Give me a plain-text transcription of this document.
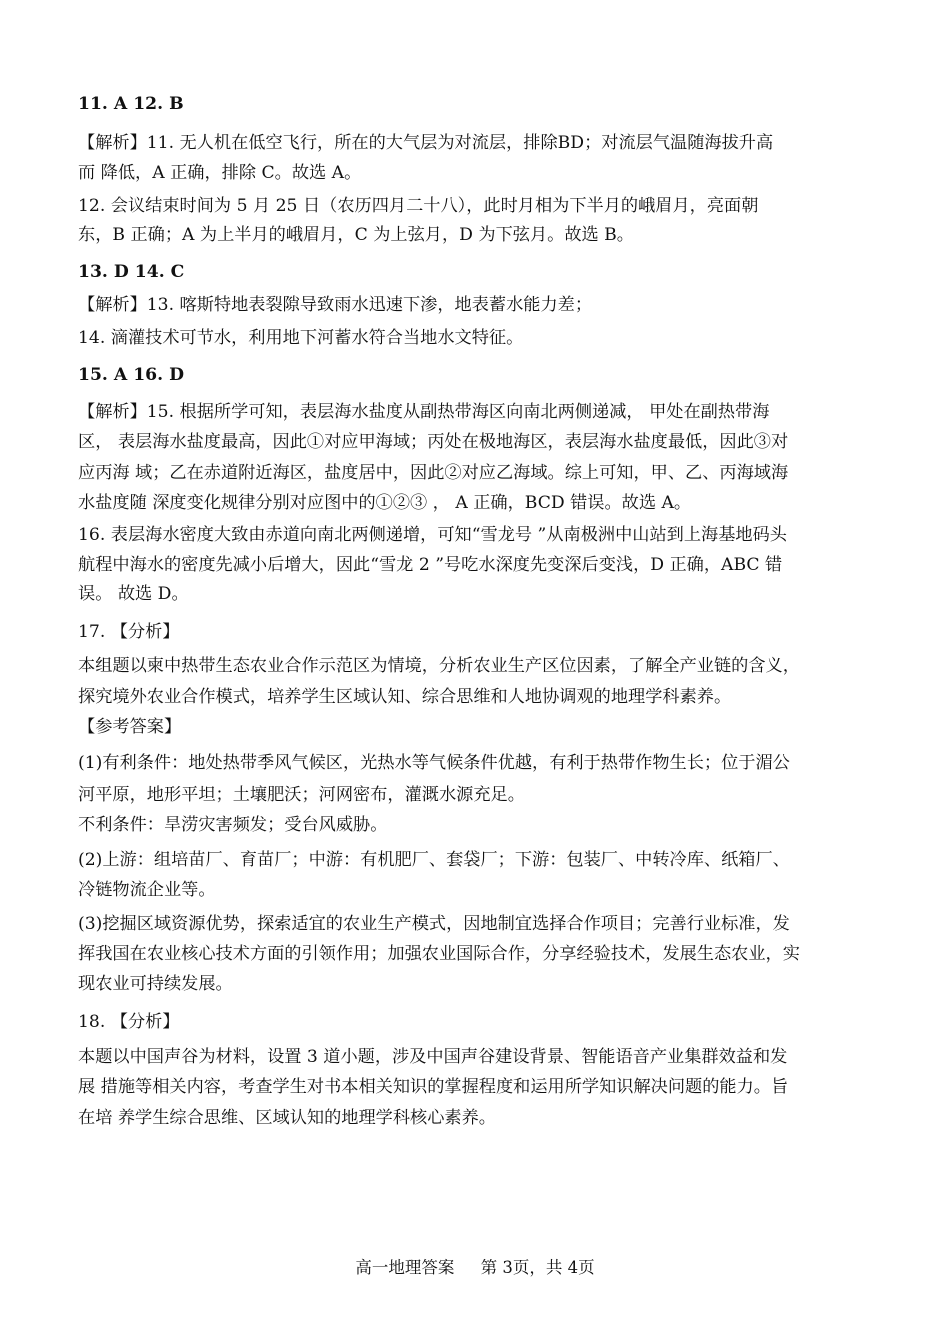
11. A 12. B
【解析】11. 无人机在低空飞行，所在的大气层为对流层，排除BD；对流层气温随海拔升高
而 降低，A 正确，排除 C。故选 A。
12. 会议结束时间为 5 月 25 日（农历四月二十八），此时月相为下半月的峨眉月，亮面朝
东，B 正确；A 为上半月的峨眉月，C 为上弦月，D 为下弦月。故选 B。
13. D 14. C
【解析】13. 喀斯特地表裂隙导致雨水迅速下渗，地表蓄水能力差；
14. 滴灌技术可节水，利用地下河蓄水符合当地水文特征。
15. A 16. D
【解析】15. 根据所学可知，表层海水盐度从副热带海区向南北两侧递减， 甲处在副热带海
区， 表层海水盐度最高，因此①对应甲海域；丙处在极地海区，表层海水盐度最低，因此③对
应丙海 域；乙在赤道附近海区，盐度居中，因此②对应乙海域。综上可知，甲、乙、丙海域海
水盐度随 深度变化规律分别对应图中的①②③ ， A 正确，BCD 错误。故选 A。
16. 表层海水密度大致由赤道向南北两侧递增，可知“雪龙号 ”从南极洲中山站到上海基地码头
航程中海水的密度先减小后增大，因此“雪龙 2 ”号吃水深度先变深后变浅，D 正确，ABC 错
误。 故选 D。
17. 【分析】
本组题以柬中热带生态农业合作示范区为情境，分析农业生产区位因素，了解全产业链的含义，
探究境外农业合作模式，培养学生区域认知、综合思维和人地协调观的地理学科素养。
【参考答案】
(1)有利条件：地处热带季风气候区，光热水等气候条件优越，有利于热带作物生长；位于湄公
河平原，地形平坦；土壤肥沃；河网密布，灌溉水源充足。
不利条件：旱涝灾害频发；受台风威胁。
(2)上游：组培苗厂、育苗厂；中游：有机肥厂、套袋厂；下游：包装厂、中转冷库、纸箱厂、
冷链物流企业等。
(3)挖掘区域资源优势，探索适宜的农业生产模式，因地制宜选择合作项目；完善行业标准，发
挥我国在农业核心技术方面的引领作用；加强农业国际合作，分享经验技术，发展生态农业，实
现农业可持续发展。
18. 【分析】
本题以中国声谷为材料，设置 3 道小题，涉及中国声谷建设背景、智能语音产业集群效益和发
展 措施等相关内容，考查学生对书本相关知识的掌握程度和运用所学知识解决问题的能力。旨
在培 养学生综合思维、区域认知的地理学科核心素养。
高一地理答案     第 3页，共 4页
